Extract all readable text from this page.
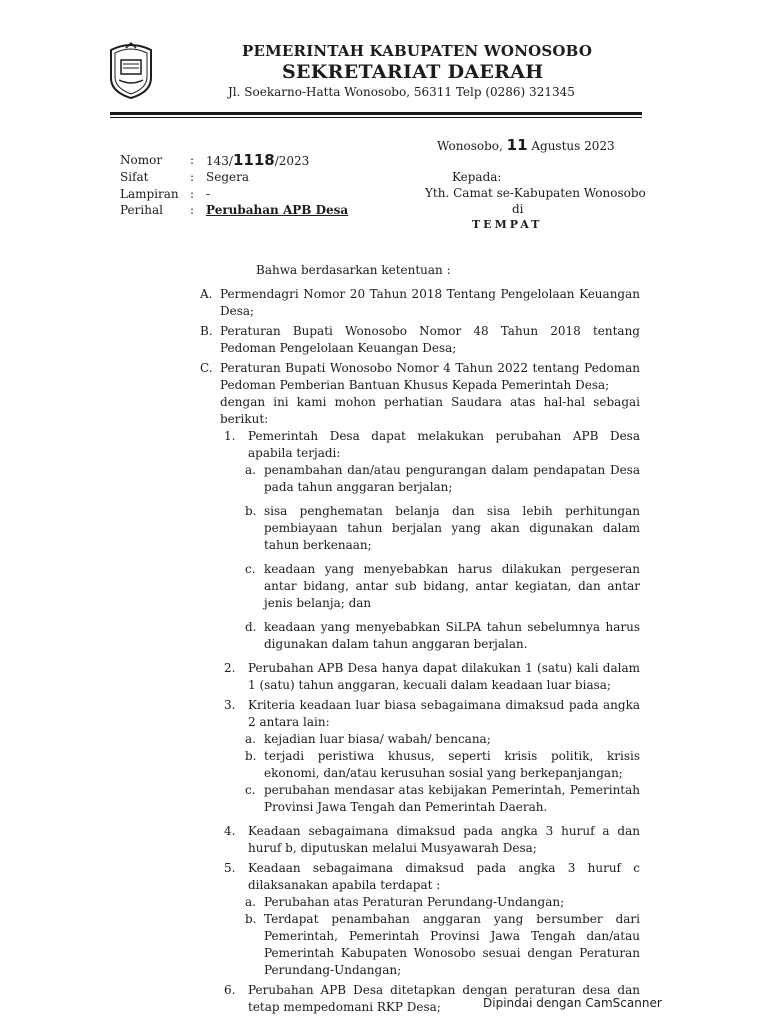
PEMERINTAH KABUPATEN WONOSOBO
SEKRETARIAT DAERAH
Jl. Soekarno-Hatta Wonosobo, 56311 Telp (0286) 321345
Wonosobo, 11 Agustus 2023
Nomor : 143/1118/2023
Sifat	: Segera
Lampiran : -
Perihal : Perubahan APB Desa
Kepada:
Yth. Camat se-Kabupaten Wonosobo
di
TEMPAT
Bahwa berdasarkan ketentuan :
A. Permendagri Nomor 20 Tahun 2018 Tentang Pengelolaan Keuangan Desa;
B. Peraturan Bupati Wonosobo Nomor 48 Tahun 2018 tentang Pedoman Pengelolaan Keuangan Desa;
C. Peraturan Bupati Wonosobo Nomor 4 Tahun 2022 tentang Pedoman Pedoman Pemberian Bantuan Khusus Kepada Pemerintah Desa;
dengan ini kami mohon perhatian Saudara atas hal-hal sebagai berikut:
1. Pemerintah Desa dapat melakukan perubahan APB Desa apabila terjadi:
a. penambahan dan/atau pengurangan dalam pendapatan Desa pada tahun anggaran berjalan;
b. sisa penghematan belanja dan sisa lebih perhitungan pembiayaan tahun berjalan yang akan digunakan dalam tahun berkenaan;
c. keadaan yang menyebabkan harus dilakukan pergeseran antar bidang, antar sub bidang, antar kegiatan, dan antar jenis belanja; dan
d. keadaan yang menyebabkan SiLPA tahun sebelumnya harus digunakan dalam tahun anggaran berjalan.
2. Perubahan APB Desa hanya dapat dilakukan 1 (satu) kali dalam 1 (satu) tahun anggaran, kecuali dalam keadaan luar biasa;
3. Kriteria keadaan luar biasa sebagaimana dimaksud pada angka 2 antara lain:
a. kejadian luar biasa/ wabah/ bencana;
b. terjadi peristiwa khusus, seperti krisis politik, krisis ekonomi, dan/atau kerusuhan sosial yang berkepanjangan;
c. perubahan mendasar atas kebijakan Pemerintah, Pemerintah Provinsi Jawa Tengah dan Pemerintah Daerah.
4. Keadaan sebagaimana dimaksud pada angka 3 huruf a dan huruf b, diputuskan melalui Musyawarah Desa;
5. Keadaan sebagaimana dimaksud pada angka 3 huruf c dilaksanakan apabila terdapat :
a. Perubahan atas Peraturan Perundang-Undangan;
b. Terdapat penambahan anggaran yang bersumber dari Pemerintah, Pemerintah Provinsi Jawa Tengah dan/atau Pemerintah Kabupaten Wonosobo sesuai dengan Peraturan Perundang-Undangan;
6. Perubahan APB Desa ditetapkan dengan peraturan desa dan tetap mempedomani RKP Desa;	Dipindai dengan CamScanner
